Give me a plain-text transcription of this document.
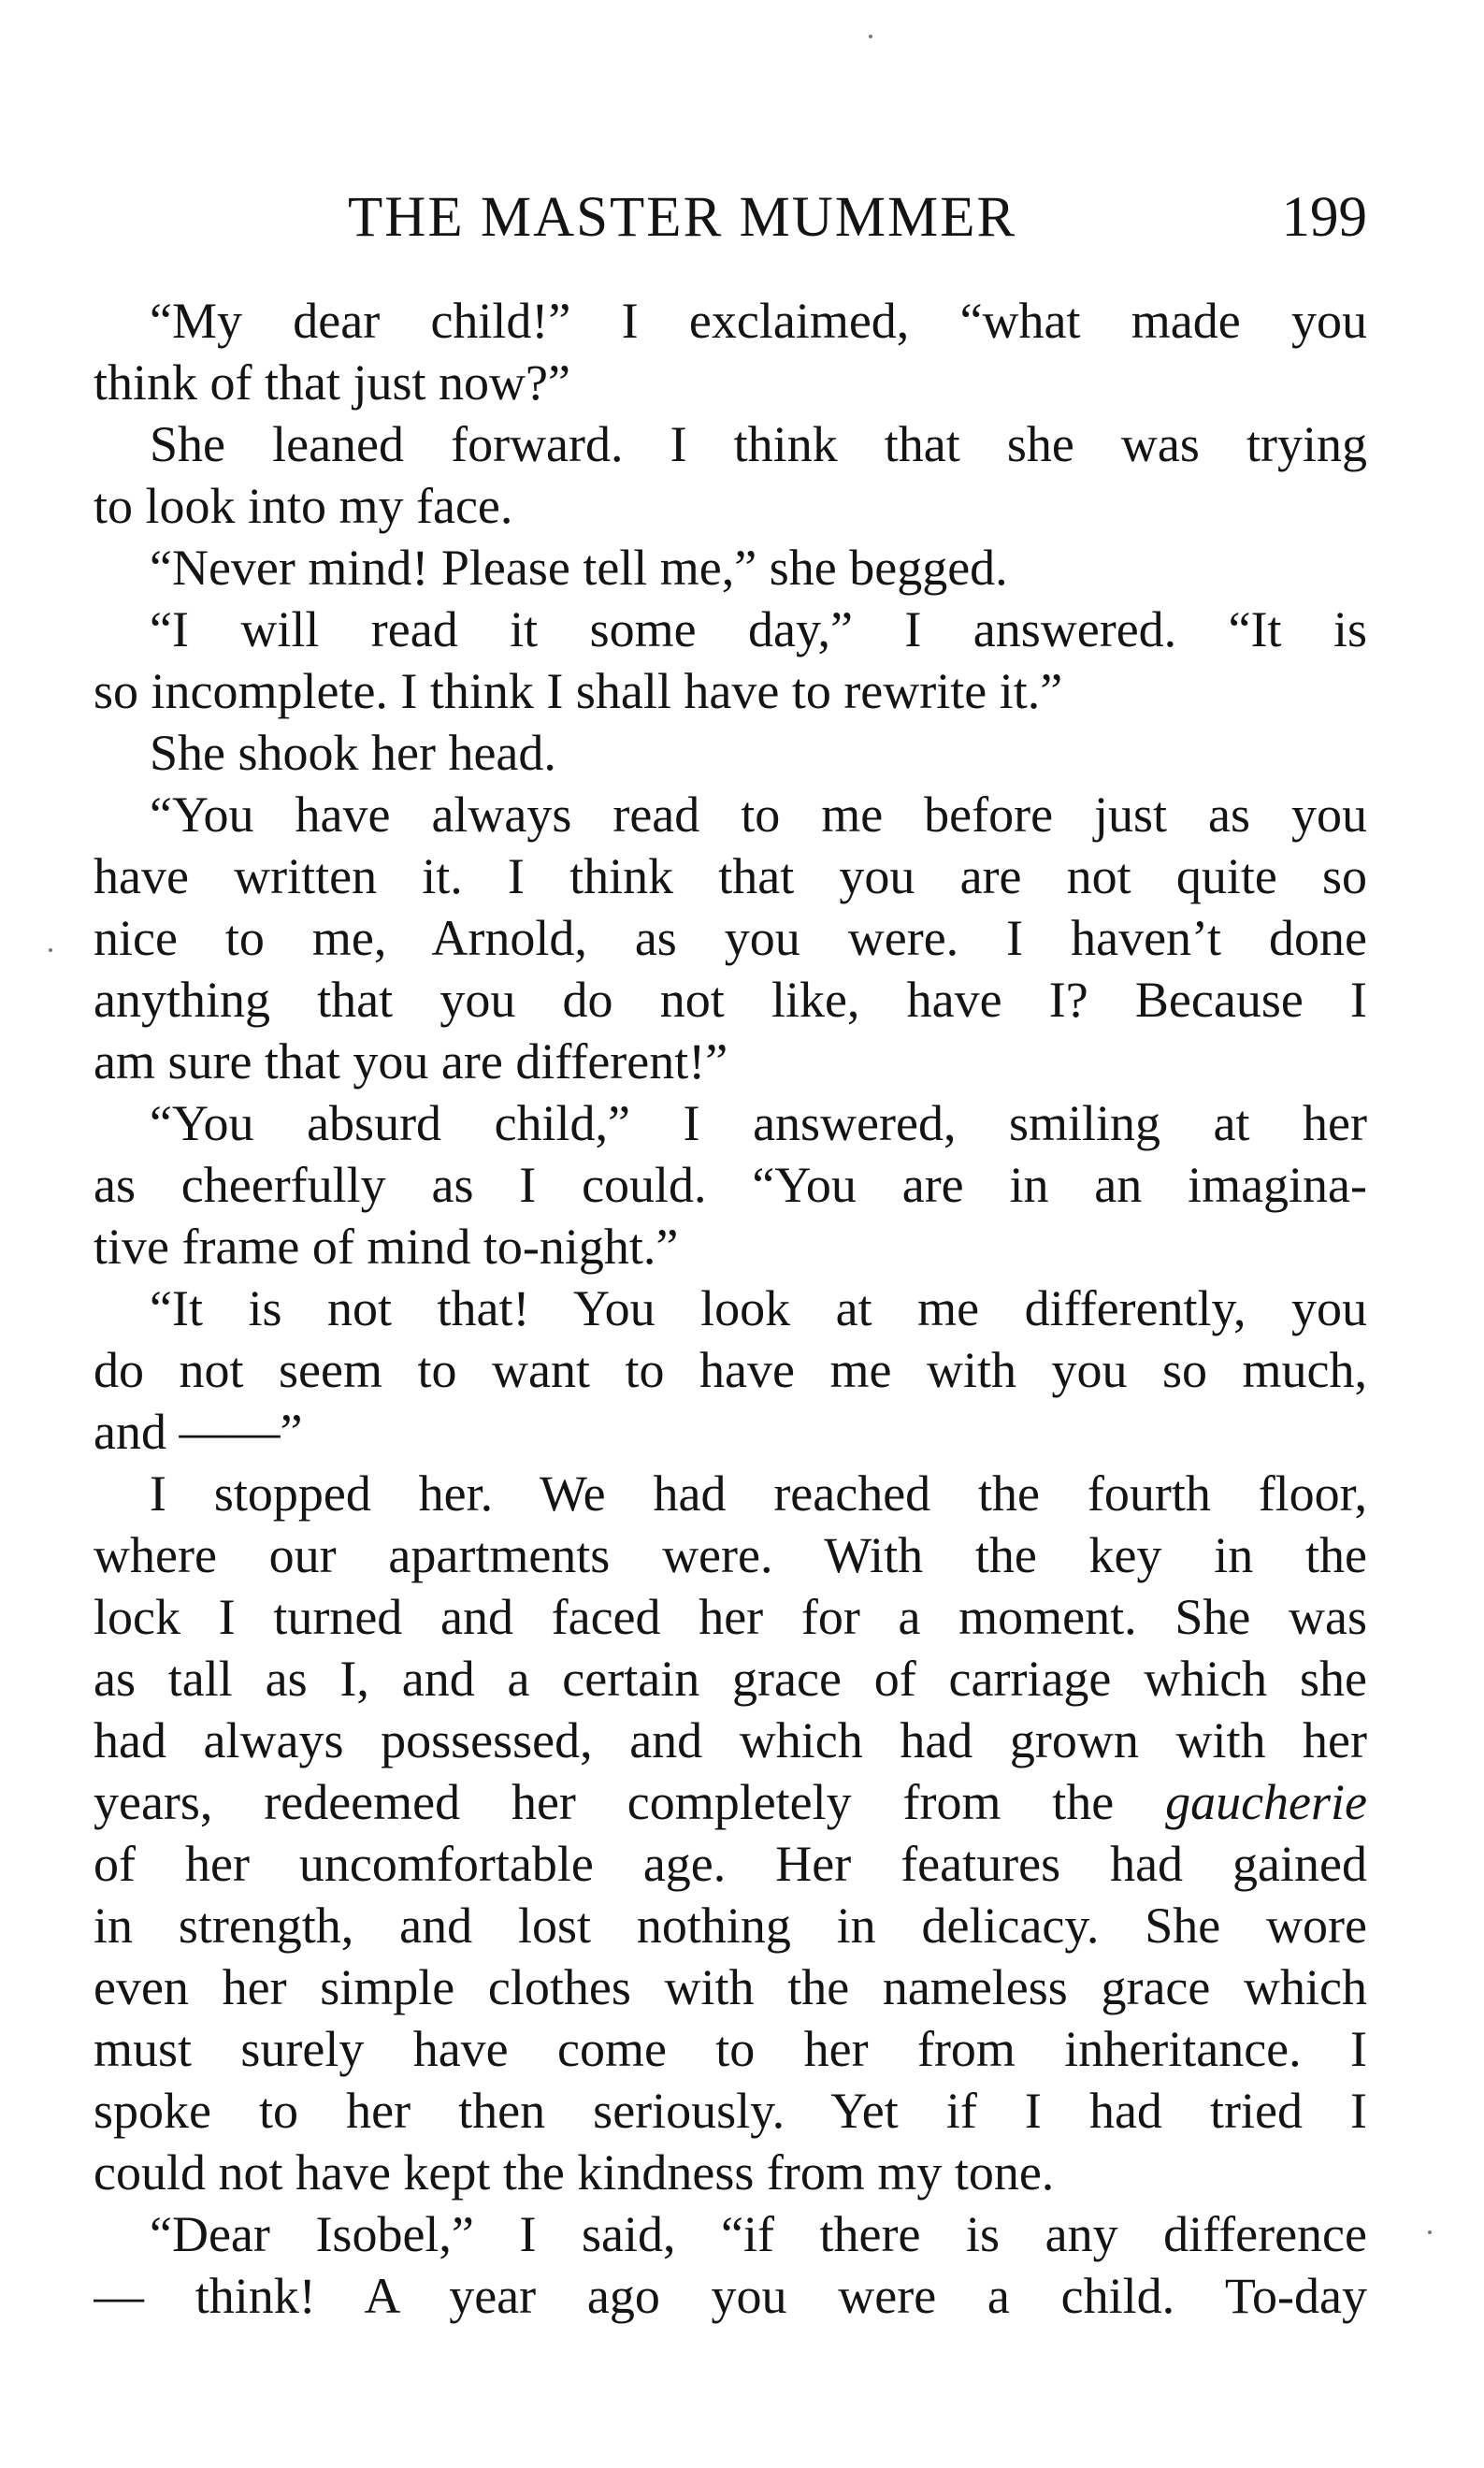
THE MASTER MUMMER	199
“My dear child!” I exclaimed, “what made you
think of that just now?”
She leaned forward. I think that she was trying
to look into my face.
“Never mind! Please tell me,” she begged.
“I will read it some day,” I answered. “It is
so incomplete. I think I shall have to rewrite it.”
She shook her head.
“You have always read to me before just as you
have written it. I think that you are not quite so
nice to me, Arnold, as you were. I haven’t done
anything that you do not like, have I? Because I
am sure that you are different!”
“You absurd child,” I answered, smiling at her
as cheerfully as I could. “You are in an imagina-
tive frame of mind to-night.”
“It is not that! You look at me differently, you
do not seem to want to have me with you so much,
and ——”
I stopped her. We had reached the fourth floor,
where our apartments were. With the key in the
lock I turned and faced her for a moment. She was
as tall as I, and a certain grace of carriage which she
had always possessed, and which had grown with her
years, redeemed her completely from the gaucherie
of her uncomfortable age. Her features had gained
in strength, and lost nothing in delicacy. She wore
even her simple clothes with the nameless grace which
must surely have come to her from inheritance. I
spoke to her then seriously. Yet if I had tried I
could not have kept the kindness from my tone.
“Dear Isobel,” I said, “if there is any difference
— think! A year ago you were a child. To-day
